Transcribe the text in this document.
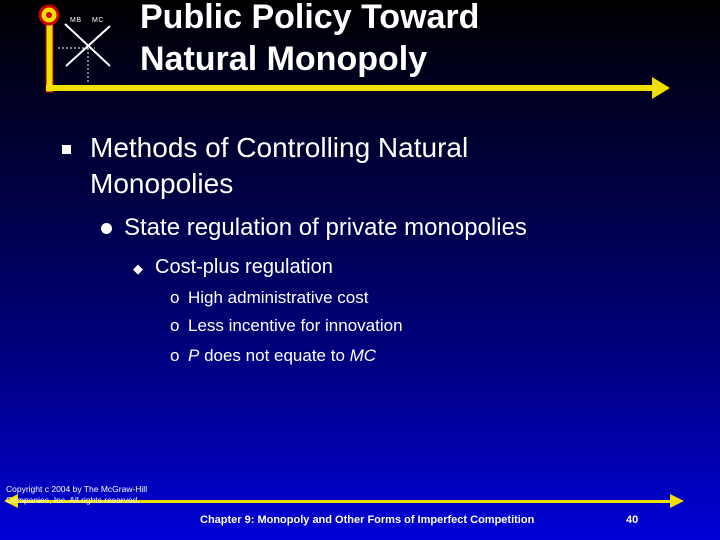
MB MC Public Policy Toward
Natural Monopoly
Methods of Controlling Natural
Monopolies
State regulation of private monopolies
◆ Cost-plus regulation
o High administrative cost
o Less incentive for innovation
o P does not equate to MC
Copyright c 2004 by The McGraw-Hill
Companies, Inc. All rights reserved.
Chapter 9: Monopoly and Other Forms of Imperfect Competition	40
